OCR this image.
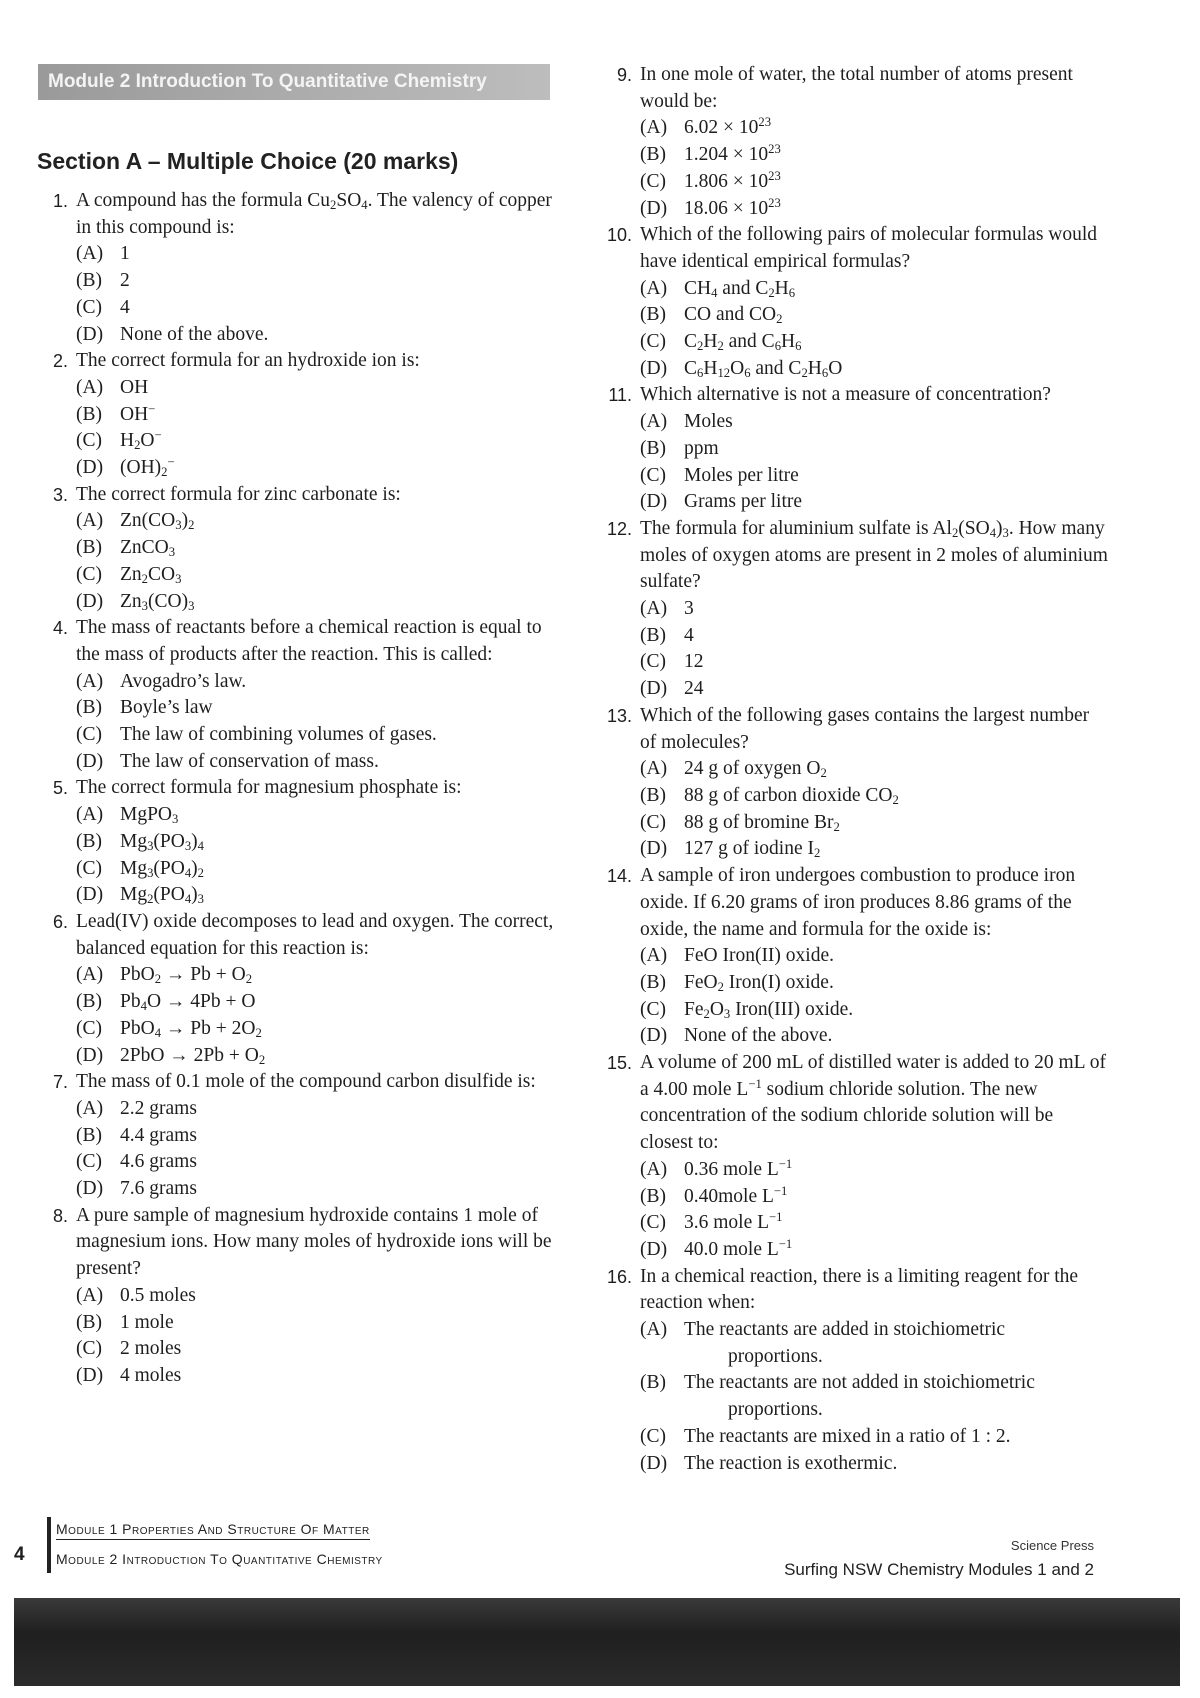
Module 2 Introduction To Quantitative Chemistry
Section A – Multiple Choice (20 marks)
1. A compound has the formula $Cu_2SO_4$. The valency of copper in this compound is:
(A) 1
(B) 2
(C) 4
(D) None of the above.
2. The correct formula for an hydroxide ion is:
(A) OH
(B) OH−
(C) $H_2O^-$
(D) $(OH)_2^-$
3. The correct formula for zinc carbonate is:
(A) $Zn(CO_3)_2$
(B) ZnCO$_3$
(C) $Zn_2CO_3$
(D) $Zn_3(CO)_3$
4. The mass of reactants before a chemical reaction is equal to the mass of products after the reaction. This is called:
(A) Avogadro’s law.
(B) Boyle’s law
(C) The law of combining volumes of gases.
(D) The law of conservation of mass.
5. The correct formula for magnesium phosphate is:
(A) MgPO$_3$
(B) $Mg_3(PO_3)_4$
(C) $Mg_3(PO_4)_2$
(D) $Mg_2(PO_4)_3$
6. Lead(IV) oxide decomposes to lead and oxygen. The correct, balanced equation for this reaction is:
(A) $PbO_2 \to Pb + O_2$
(B) $Pb_4O \to 4Pb + O$
(C) $PbO_4 \to Pb + 2O_2$
(D) $2PbO \to 2Pb + O_2$
7. The mass of 0.1 mole of the compound carbon disulfide is:
(A) 2.2 grams
(B) 4.4 grams
(C) 4.6 grams
(D) 7.6 grams
8. A pure sample of magnesium hydroxide contains 1 mole of magnesium ions. How many moles of hydroxide ions will be present?
(A) 0.5 moles
(B) 1 mole
(C) 2 moles
(D) 4 moles
9. In one mole of water, the total number of atoms present would be:
(A) $6.02 \times 10^{23}$
(B) $1.204 \times 10^{23}$
(C) $1.806 \times 10^{23}$
(D) $18.06 \times 10^{23}$
10. Which of the following pairs of molecular formulas would have identical empirical formulas?
(A) $CH_4$ and $C_2H_6$
(B) CO and $CO_2$
(C) $C_2H_2$ and $C_6H_6$
(D) $C_6H_{12}O_6$ and $C_2H_6O$
11. Which alternative is not a measure of concentration?
(A) Moles
(B) ppm
(C) Moles per litre
(D) Grams per litre
12. The formula for aluminium sulfate is $Al_2(SO_4)_3$. How many moles of oxygen atoms are present in 2 moles of aluminium sulfate?
(A) 3
(B) 4
(C) 12
(D) 24
13. Which of the following gases contains the largest number of molecules?
(A) 24 g of oxygen $O_2$
(B) 88 g of carbon dioxide $CO_2$
(C) 88 g of bromine $Br_2$
(D) 127 g of iodine $I_2$
14. A sample of iron undergoes combustion to produce iron oxide. If 6.20 grams of iron produces 8.86 grams of the oxide, the name and formula for the oxide is:
(A) FeO Iron(II) oxide.
(B) FeO$_2$ Iron(I) oxide.
(C) $Fe_2O_3$ Iron(III) oxide.
(D) None of the above.
15. A volume of 200 mL of distilled water is added to 20 mL of a 4.00 mole $L^{-1}$ sodium chloride solution. The new concentration of the sodium chloride solution will be closest to:
(A) 0.36 mole $L^{-1}$
(B) 0.40mole $L^{-1}$
(C) 3.6 mole $L^{-1}$
(D) 40.0 mole $L^{-1}$
16. In a chemical reaction, there is a limiting reagent for the reaction when:
(A) The reactants are added in stoichiometric
proportions.
(B) The reactants are not added in stoichiometric
proportions.
(C) The reactants are mixed in a ratio of 1 : 2.
(D) The reaction is exothermic.
4
Module 1 Properties And Structure Of Matter
Module 2 Introduction To Quantitative Chemistry
Science Press
Surfing NSW Chemistry Modules 1 and 2
